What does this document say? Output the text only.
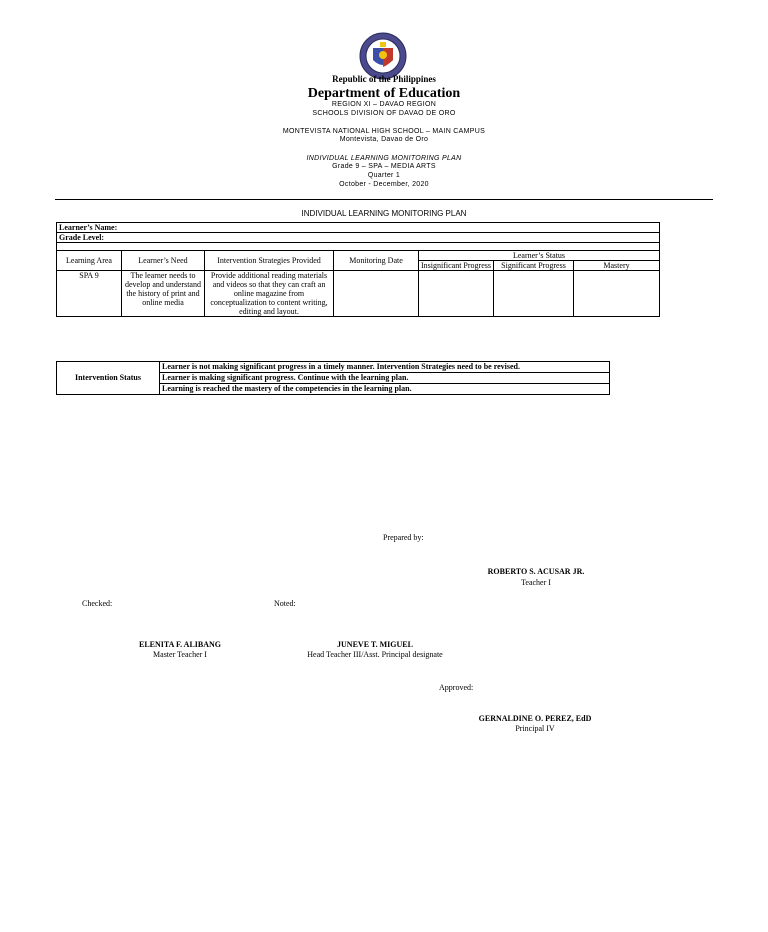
Republic of the Philippines
Department of Education
REGION XI – DAVAO REGION
SCHOOLS DIVISION OF DAVAO DE ORO
MONTEVISTA NATIONAL HIGH SCHOOL – MAIN CAMPUS
Montevista, Davao de Oro
INDIVIDUAL LEARNING MONITORING PLAN
Grade 9 – SPA – MEDIA ARTS
Quarter 1
October - December, 2020
INDIVIDUAL LEARNING MONITORING PLAN
Learner’s Name:						
Grade Level:						

Learning Area	Learner’s Need	Intervention Strategies Provided	Monitoring Date	Learner’s Status		
				Insignificant Progress	Significant Progress	Mastery
SPA 9	The learner needs to develop and understand the history of print and online media	Provide additional reading materials and videos so that they can craft an online magazine from conceptualization to content writing, editing and layout.				
Intervention Status	Learner is not making significant progress in a timely manner. Intervention Strategies need to be revised.
Learner is making significant progress. Continue with the learning plan.
Learning is reached the mastery of the competencies in the learning plan.
Prepared by:
ROBERTO S. ACUSAR JR.
Teacher I
Checked:	Noted:
ELENITA F. ALIBANG
Master Teacher I
JUNEVE T. MIGUEL
Head Teacher III/Asst. Principal designate
Approved:
GERNALDINE O. PEREZ, EdD
Principal IV
